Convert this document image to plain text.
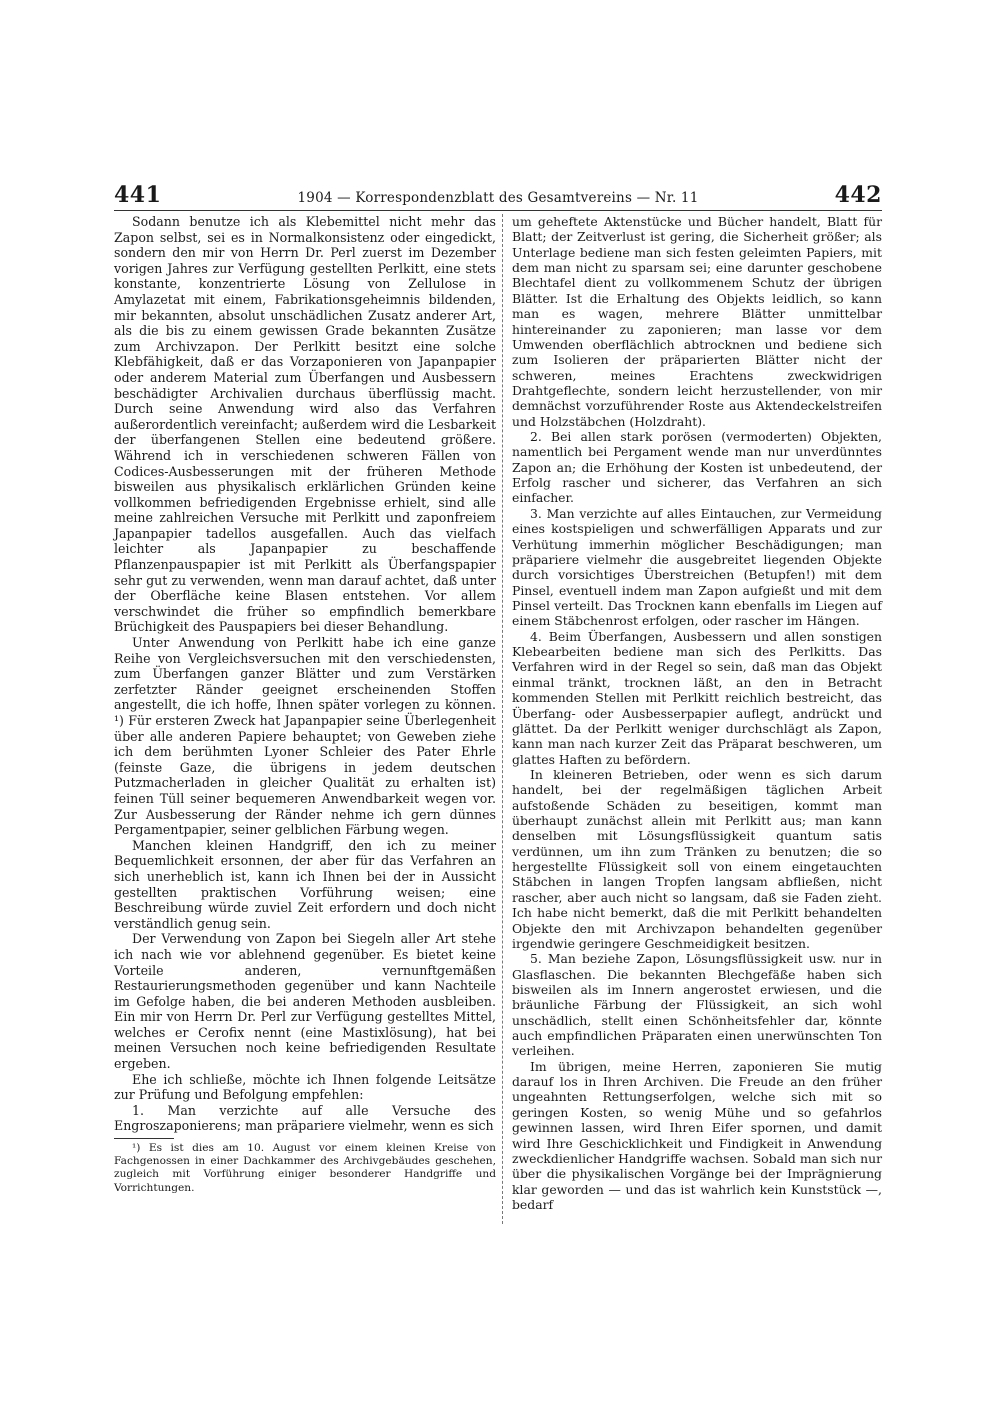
441	1904 — Korrespondenzblatt des Gesamtvereins — Nr. 11	442

Sodann benutze ich als Klebemittel nicht mehr das Zapon selbst, sei es in Normalkonsistenz oder eingedickt, sondern den mir von Herrn Dr. Perl zuerst im Dezember vorigen Jahres zur Verfügung gestellten Perlkitt, eine stets konstante, konzentrierte Lösung von Zellulose in Amylazetat mit einem, Fabrikationsgeheimnis bildenden, mir bekannten, absolut unschädlichen Zusatz anderer Art, als die bis zu einem gewissen Grade bekannten Zusätze zum Archivzapon. Der Perlkitt besitzt eine solche Klebfähigkeit, daß er das Vorzaponieren von Japanpapier oder anderem Material zum Überfangen und Ausbessern beschädigter Archivalien durchaus überflüssig macht. Durch seine Anwendung wird also das Verfahren außerordentlich vereinfacht; außerdem wird die Lesbarkeit der überfangenen Stellen eine bedeutend größere. Während ich in verschiedenen schweren Fällen von Codices-Ausbesserungen mit der früheren Methode bisweilen aus physikalisch erklärlichen Gründen keine vollkommen befriedigenden Ergebnisse erhielt, sind alle meine zahlreichen Versuche mit Perlkitt und zaponfreiem Japanpapier tadellos ausgefallen. Auch das vielfach leichter als Japanpapier zu beschaffende Pflanzenpauspapier ist mit Perlkitt als Überfangspapier sehr gut zu verwenden, wenn man darauf achtet, daß unter der Oberfläche keine Blasen entstehen. Vor allem verschwindet die früher so empfindlich bemerkbare Brüchigkeit des Pauspapiers bei dieser Behandlung.

Unter Anwendung von Perlkitt habe ich eine ganze Reihe von Vergleichsversuchen mit den verschiedensten, zum Überfangen ganzer Blätter und zum Verstärken zerfetzter Ränder geeignet erscheinenden Stoffen angestellt, die ich hoffe, Ihnen später vorlegen zu können. ¹) Für ersteren Zweck hat Japanpapier seine Überlegenheit über alle anderen Papiere behauptet; von Geweben ziehe ich dem berühmten Lyoner Schleier des Pater Ehrle (feinste Gaze, die übrigens in jedem deutschen Putzmacherladen in gleicher Qualität zu erhalten ist) feinen Tüll seiner bequemeren Anwendbarkeit wegen vor. Zur Ausbesserung der Ränder nehme ich gern dünnes Pergamentpapier, seiner gelblichen Färbung wegen.

Manchen kleinen Handgriff, den ich zu meiner Bequemlichkeit ersonnen, der aber für das Verfahren an sich unerheblich ist, kann ich Ihnen bei der in Aussicht gestellten praktischen Vorführung weisen; eine Beschreibung würde zuviel Zeit erfordern und doch nicht verständlich genug sein.

Der Verwendung von Zapon bei Siegeln aller Art stehe ich nach wie vor ablehnend gegenüber. Es bietet keine Vorteile anderen, vernunftgemäßen Restaurierungsmethoden gegenüber und kann Nachteile im Gefolge haben, die bei anderen Methoden ausbleiben. Ein mir von Herrn Dr. Perl zur Verfügung gestelltes Mittel, welches er Cerofix nennt (eine Mastixlösung), hat bei meinen Versuchen noch keine befriedigenden Resultate ergeben.

Ehe ich schließe, möchte ich Ihnen folgende Leitsätze zur Prüfung und Befolgung empfehlen:

1. Man verzichte auf alle Versuche des Engroszaponierens; man präpariere vielmehr, wenn es sich

¹) Es ist dies am 10. August vor einem kleinen Kreise von Fachgenossen in einer Dachkammer des Archivgebäudes geschehen, zugleich mit Vorführung einiger besonderer Handgriffe und Vorrichtungen.

um geheftete Aktenstücke und Bücher handelt, Blatt für Blatt; der Zeitverlust ist gering, die Sicherheit größer; als Unterlage bediene man sich festen geleimten Papiers, mit dem man nicht zu sparsam sei; eine darunter geschobene Blechtafel dient zu vollkommenem Schutz der übrigen Blätter. Ist die Erhaltung des Objekts leidlich, so kann man es wagen, mehrere Blätter unmittelbar hintereinander zu zaponieren; man lasse vor dem Umwenden oberflächlich abtrocknen und bediene sich zum Isolieren der präparierten Blätter nicht der schweren, meines Erachtens zweckwidrigen Drahtgeflechte, sondern leicht herzustellender, von mir demnächst vorzuführender Roste aus Aktendeckelstreifen und Holzstäbchen (Holzdraht).

2. Bei allen stark porösen (vermoderten) Objekten, namentlich bei Pergament wende man nur unverdünntes Zapon an; die Erhöhung der Kosten ist unbedeutend, der Erfolg rascher und sicherer, das Verfahren an sich einfacher.

3. Man verzichte auf alles Eintauchen, zur Vermeidung eines kostspieligen und schwerfälligen Apparats und zur Verhütung immerhin möglicher Beschädigungen; man präpariere vielmehr die ausgebreitet liegenden Objekte durch vorsichtiges Überstreichen (Betupfen!) mit dem Pinsel, eventuell indem man Zapon aufgießt und mit dem Pinsel verteilt. Das Trocknen kann ebenfalls im Liegen auf einem Stäbchenrost erfolgen, oder rascher im Hängen.

4. Beim Überfangen, Ausbessern und allen sonstigen Klebearbeiten bediene man sich des Perlkitts. Das Verfahren wird in der Regel so sein, daß man das Objekt einmal tränkt, trocknen läßt, an den in Betracht kommenden Stellen mit Perlkitt reichlich bestreicht, das Überfang- oder Ausbesserpapier auflegt, andrückt und glättet. Da der Perlkitt weniger durchschlägt als Zapon, kann man nach kurzer Zeit das Präparat beschweren, um glattes Haften zu befördern.

In kleineren Betrieben, oder wenn es sich darum handelt, bei der regelmäßigen täglichen Arbeit aufstoßende Schäden zu beseitigen, kommt man überhaupt zunächst allein mit Perlkitt aus; man kann denselben mit Lösungsflüssigkeit quantum satis verdünnen, um ihn zum Tränken zu benutzen; die so hergestellte Flüssigkeit soll von einem eingetauchten Stäbchen in langen Tropfen langsam abfließen, nicht rascher, aber auch nicht so langsam, daß sie Faden zieht. Ich habe nicht bemerkt, daß die mit Perlkitt behandelten Objekte den mit Archivzapon behandelten gegenüber irgendwie geringere Geschmeidigkeit besitzen.

5. Man beziehe Zapon, Lösungsflüssigkeit usw. nur in Glasflaschen. Die bekannten Blechgefäße haben sich bisweilen als im Innern angerostet erwiesen, und die bräunliche Färbung der Flüssigkeit, an sich wohl unschädlich, stellt einen Schönheitsfehler dar, könnte auch empfindlichen Präparaten einen unerwünschten Ton verleihen.

Im übrigen, meine Herren, zaponieren Sie mutig darauf los in Ihren Archiven. Die Freude an den früher ungeahnten Rettungserfolgen, welche sich mit so geringen Kosten, so wenig Mühe und so gefahrlos gewinnen lassen, wird Ihren Eifer spornen, und damit wird Ihre Geschicklichkeit und Findigkeit in Anwendung zweckdienlicher Handgriffe wachsen. Sobald man sich nur über die physikalischen Vorgänge bei der Imprägnierung klar geworden — und das ist wahrlich kein Kunststück —, bedarf
